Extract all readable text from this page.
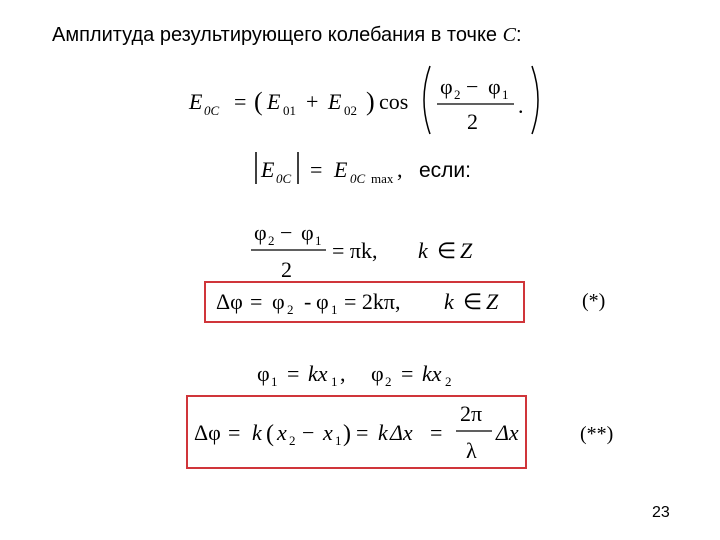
Амплитуда результирующего колебания в точке C:
E 0C = ( E 01 + E 02 ) cos
φ 2 − φ 1
2
.
E 0C = E 0C max , если:
φ 2 − φ 1
2
= πk, k ∈ Z
Δφ = φ 2 - φ 1 = 2kπ, k ∈ Z	(*)
φ 1 = kx 1 , φ 2 = kx 2
Δφ = k ( x 2 − x 1 ) = k Δx =
2π
λ
Δx	(**)
23
